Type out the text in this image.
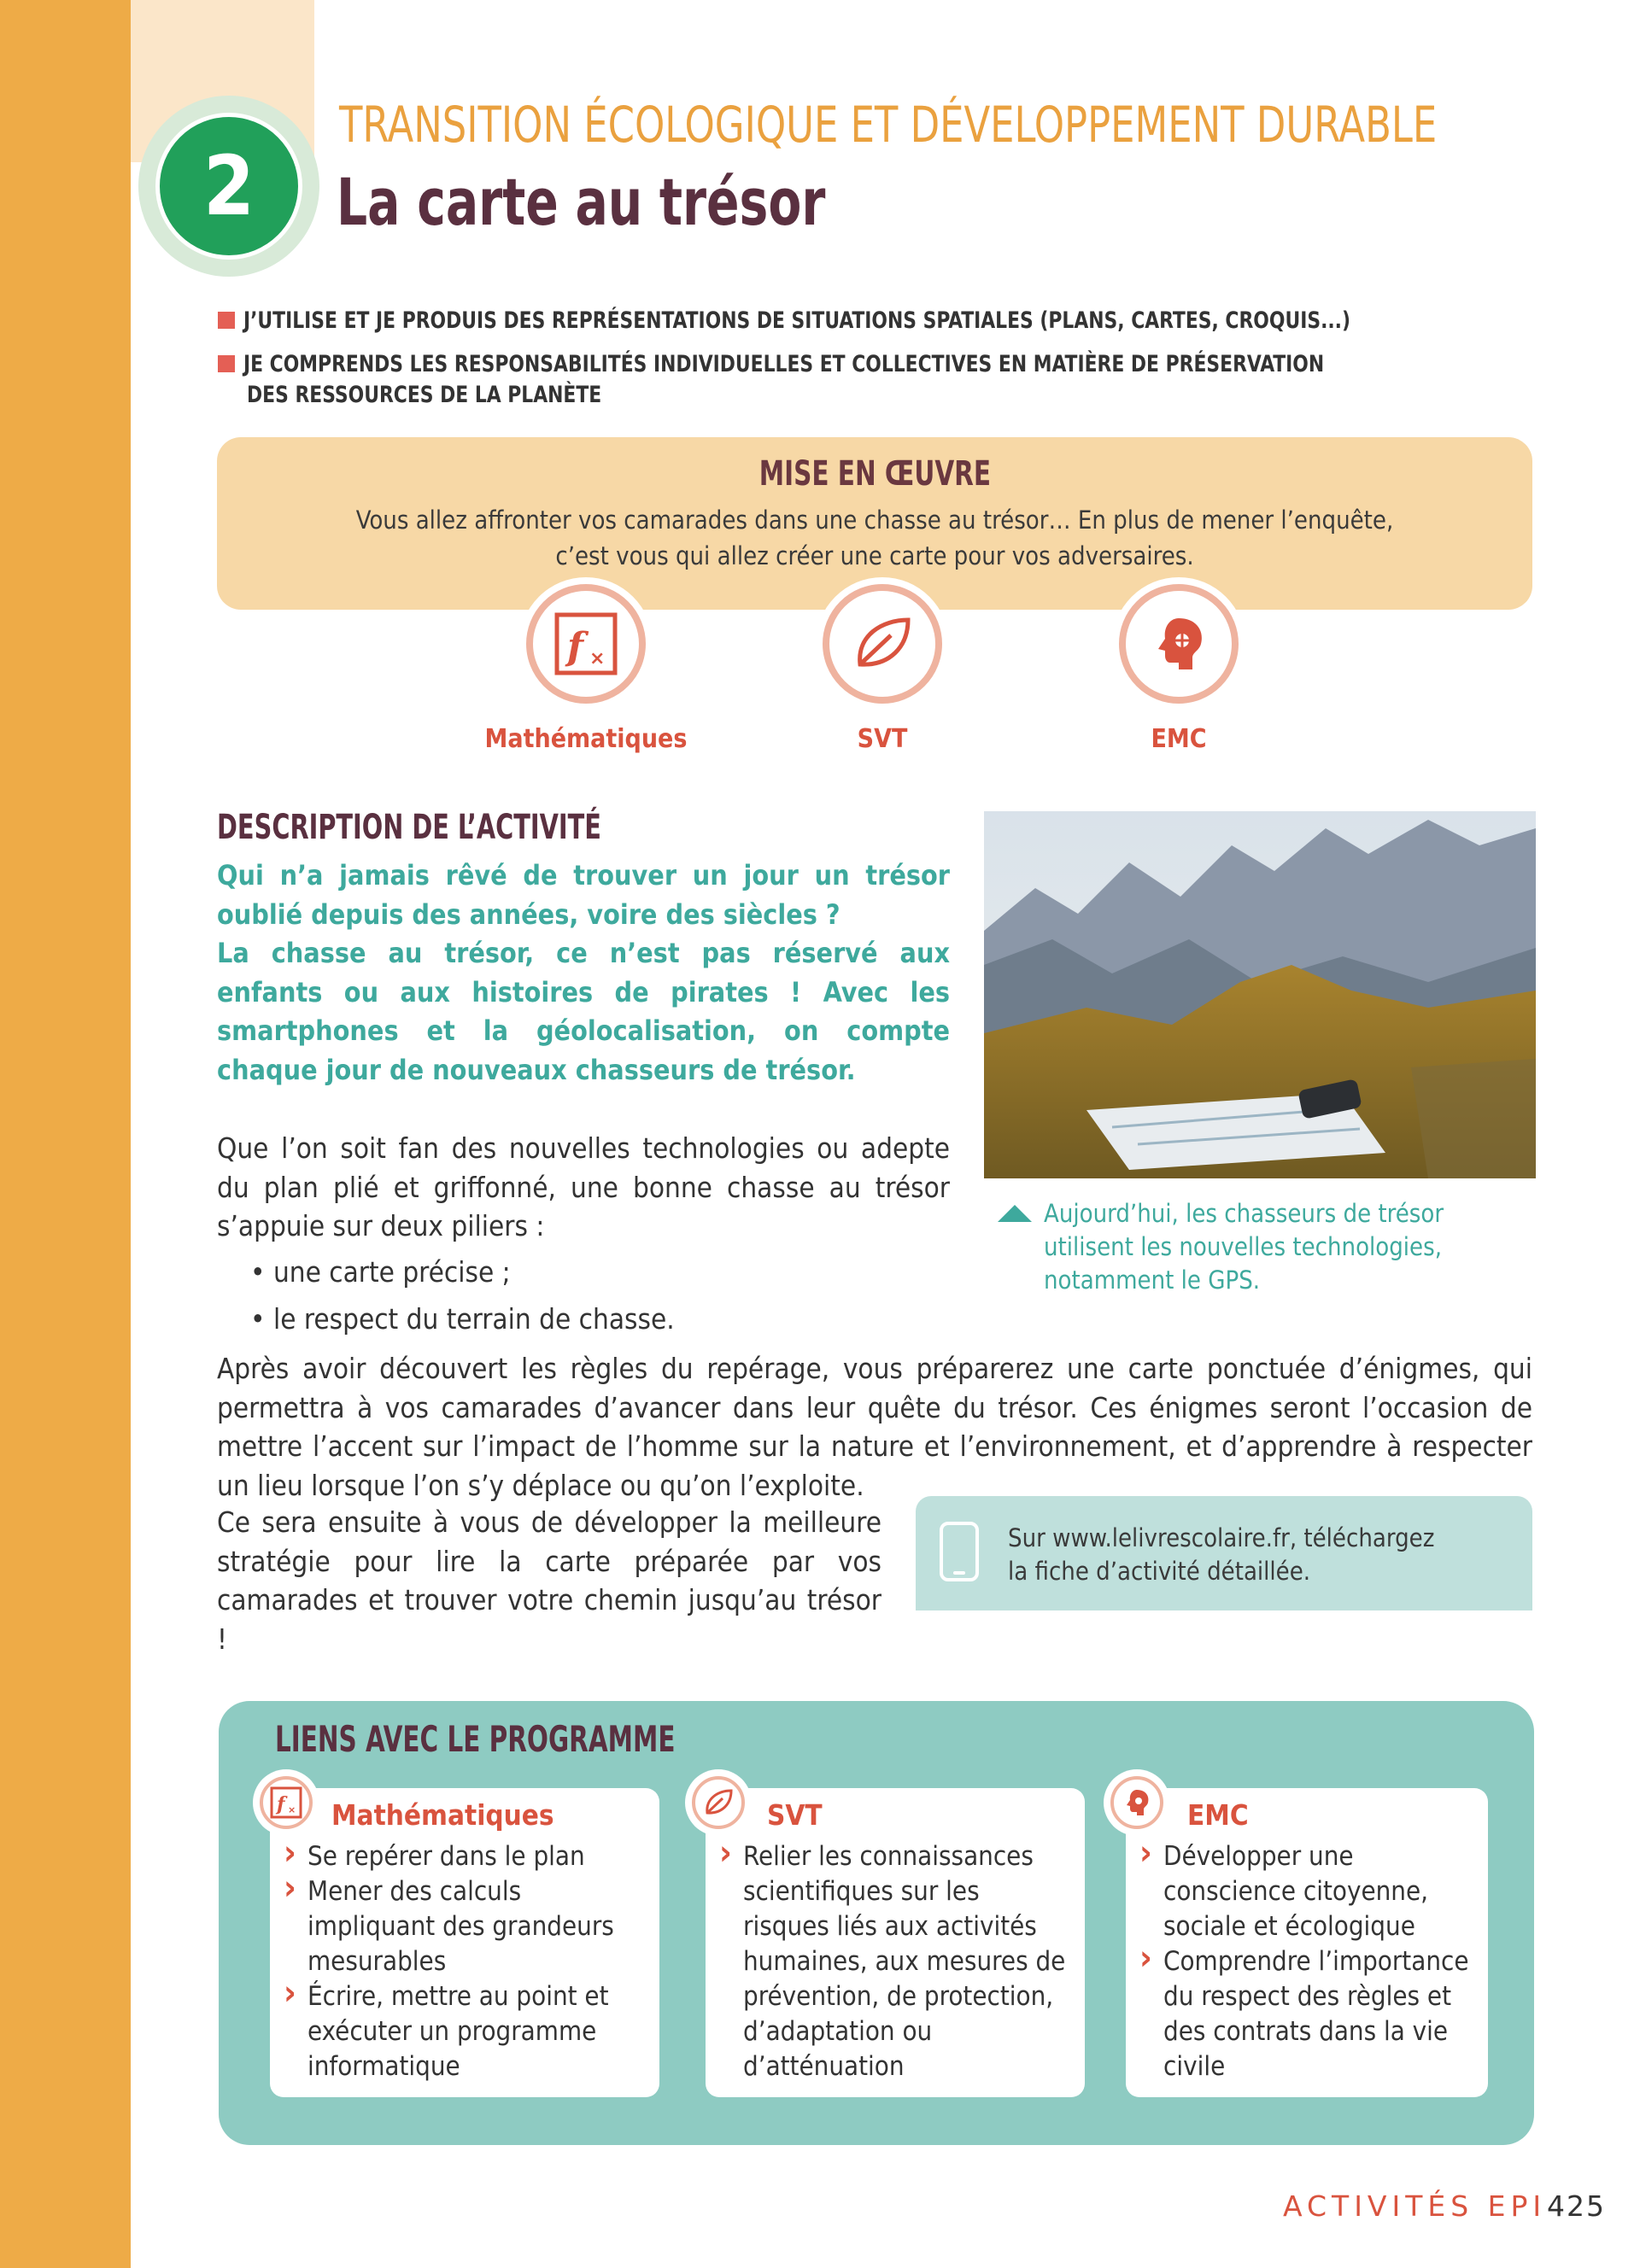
2
TRANSITION ÉCOLOGIQUE ET DÉVELOPPEMENT DURABLE
La carte au trésor
J’UTILISE ET JE PRODUIS DES REPRÉSENTATIONS DE SITUATIONS SPATIALES (PLANS, CARTES, CROQUIS...)
JE COMPRENDS LES RESPONSABILITÉS INDIVIDUELLES ET COLLECTIVES EN MATIÈRE DE PRÉSERVATION
DES RESSOURCES DE LA PLANÈTE
MISE EN ŒUVRE
Vous allez affronter vos camarades dans une chasse au trésor… En plus de mener l’enquête,
c’est vous qui allez créer une carte pour vos adversaires.
f ×
Mathématiques	SVT	EMC
DESCRIPTION DE L’ACTIVITÉ
Qui n’a jamais rêvé de trouver un jour un trésor oublié depuis des années, voire des siècles ?
La chasse au trésor, ce n’est pas réservé aux enfants ou aux histoires de pirates ! Avec les smartphones et la géolocalisation, on compte chaque jour de nouveaux chasseurs de trésor.
Que l’on soit fan des nouvelles technologies ou adepte du plan plié et griffonné, une bonne chasse au trésor s’appuie sur deux piliers :
• une carte précise ;
• le respect du terrain de chasse.
Après avoir découvert les règles du repérage, vous préparerez une carte ponctuée d’énigmes, qui permettra à vos camarades d’avancer dans leur quête du trésor. Ces énigmes seront l’occasion de mettre l’accent sur l’impact de l’homme sur la nature et l’environnement, et d’apprendre à respecter un lieu lorsque l’on s’y déplace ou qu’on l’exploite.
Ce sera ensuite à vous de développer la meilleure stratégie pour lire la carte préparée par vos camarades et trouver votre chemin jusqu’au trésor !
Aujourd’hui, les chasseurs de trésor
utilisent les nouvelles technologies,
notamment le GPS.
Sur www.lelivrescolaire.fr, téléchargez
la fiche d’activité détaillée.
LIENS AVEC LE PROGRAMME
Mathématiques
› Se repérer dans le plan
› Mener des calculs impliquant des grandeurs mesurables
› Écrire, mettre au point et exécuter un programme informatique
f ×	SVT
› Relier les connaissances scientifiques sur les risques liés aux activités humaines, aux mesures de prévention, de protection, d’adaptation ou d’atténuation
EMC
› Développer une conscience citoyenne, sociale et écologique
› Comprendre l’importance du respect des règles et des contrats dans la vie civile
ACTIVITÉS EPI 425
